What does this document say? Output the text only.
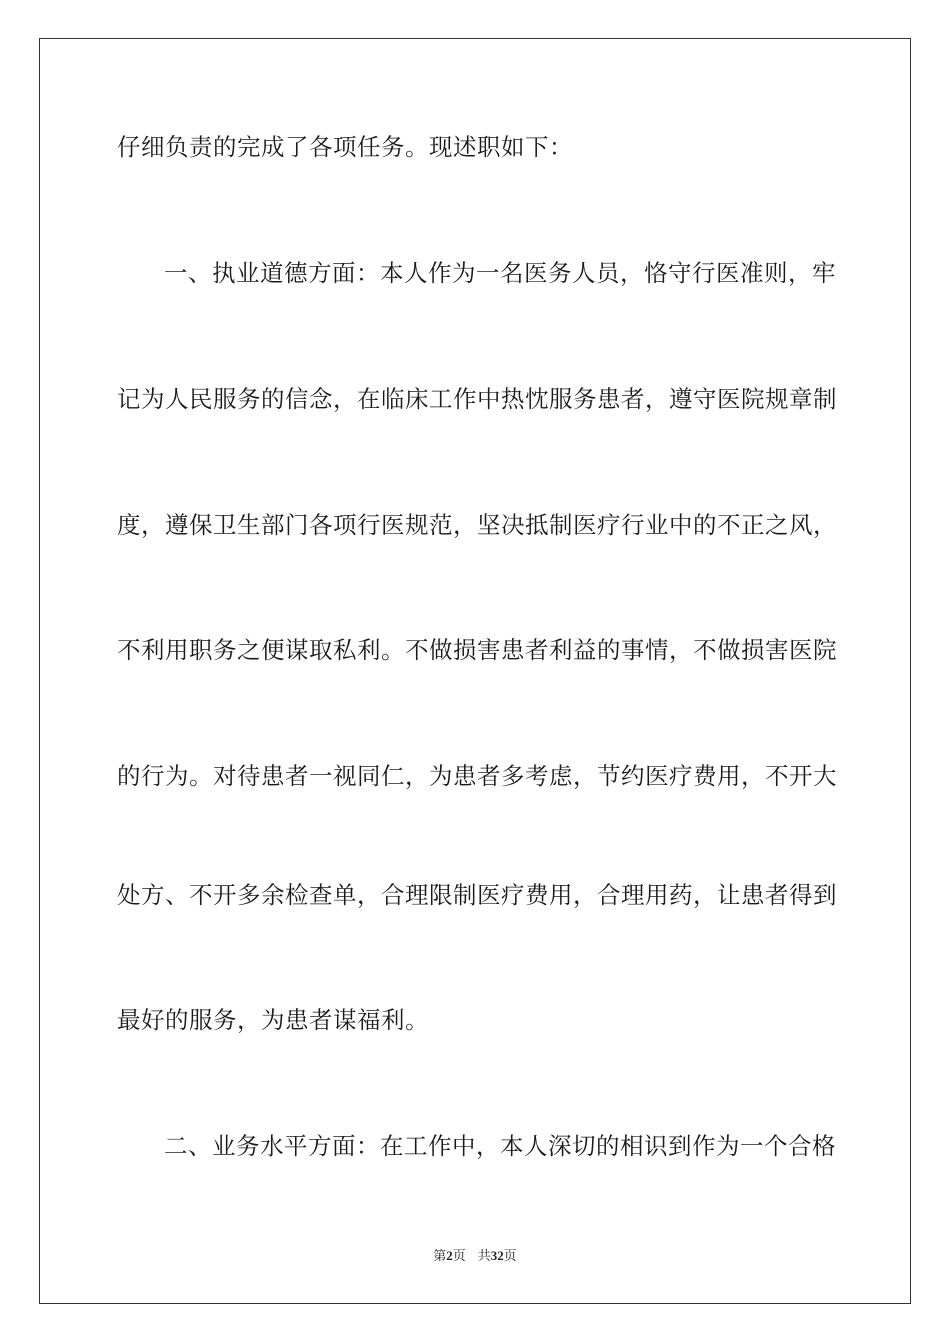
仔细负责的完成了各项任务。现述职如下：
一、执业道德方面：本人作为一名医务人员，恪守行医准则，牢
记为人民服务的信念，在临床工作中热忱服务患者，遵守医院规章制
度，遵保卫生部门各项行医规范，坚决抵制医疗行业中的不正之风，
不利用职务之便谋取私利。不做损害患者利益的事情，不做损害医院
的行为。对待患者一视同仁，为患者多考虑，节约医疗费用，不开大
处方、不开多余检查单，合理限制医疗费用，合理用药，让患者得到
最好的服务，为患者谋福利。
二、业务水平方面：在工作中，本人深切的相识到作为一个合格
第2页 共32页
